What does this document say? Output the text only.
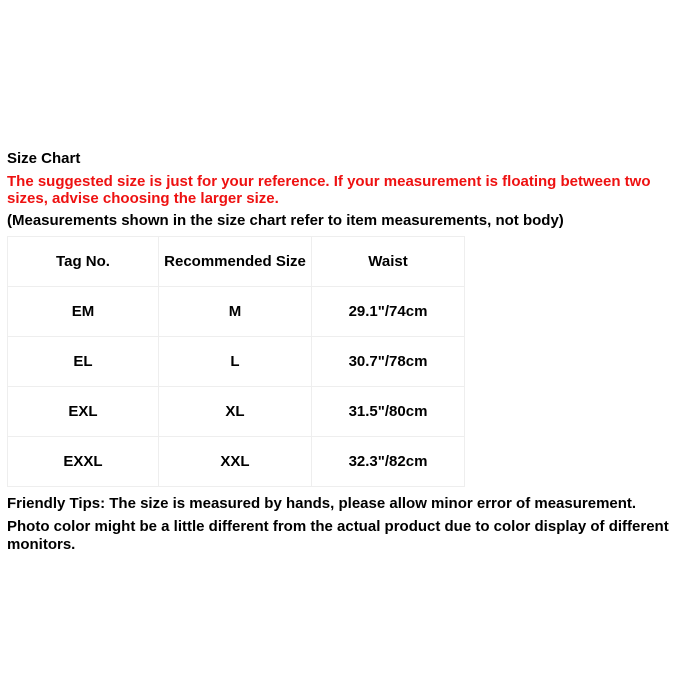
Size Chart

The suggested size is just for your reference. If your measurement is floating between two sizes, advise choosing the larger size.

(Measurements shown in the size chart refer to item measurements, not body)

Tag No.	Recommended Size	Waist
EM	M	29.1"/74cm
EL	L	30.7"/78cm
EXL	XL	31.5"/80cm
EXXL	XXL	32.3"/82cm

Friendly Tips: The size is measured by hands, please allow minor error of measurement.

Photo color might be a little different from the actual product due to color display of different monitors.
